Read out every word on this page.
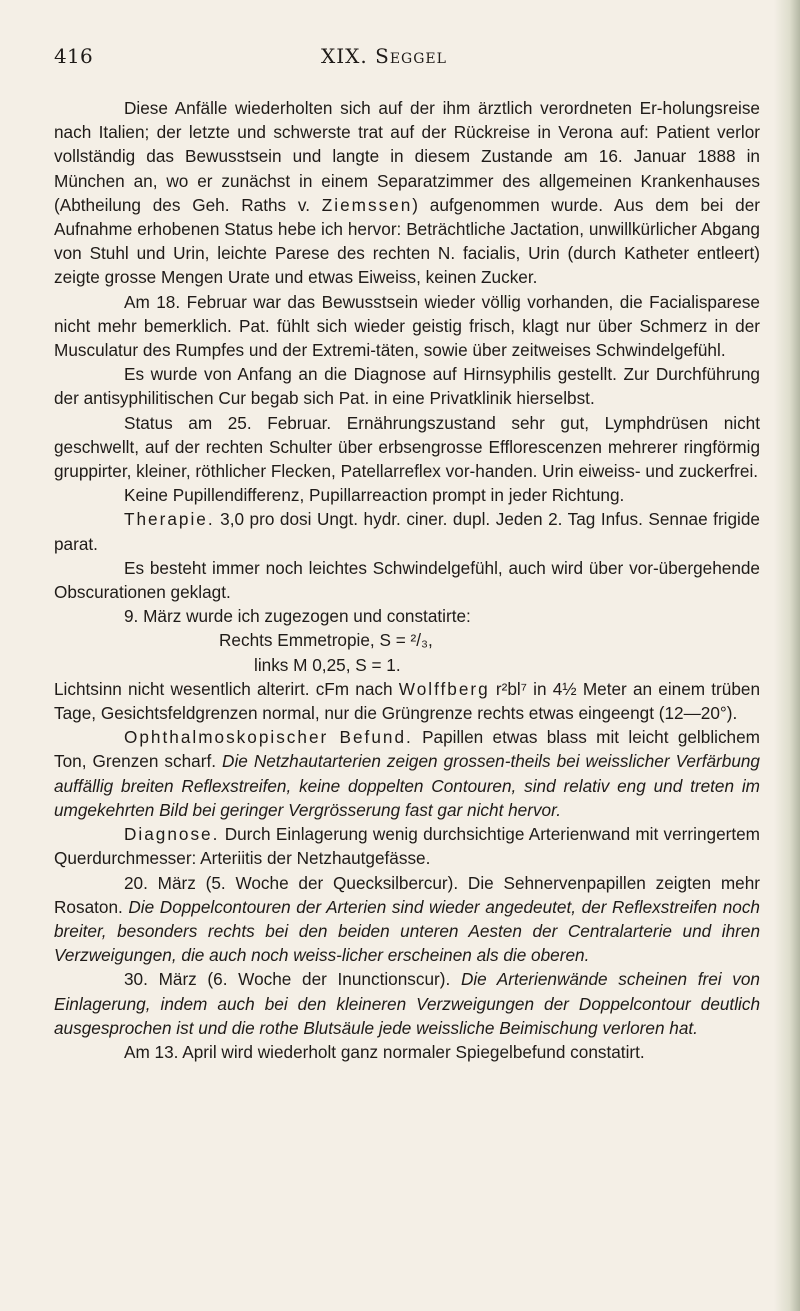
416	XIX. Seggel

Diese Anfälle wiederholten sich auf der ihm ärztlich verordneten Er-holungsreise nach Italien; der letzte und schwerste trat auf der Rückreise in Verona auf: Patient verlor vollständig das Bewusstsein und langte in diesem Zustande am 16. Januar 1888 in München an, wo er zunächst in einem Separatzimmer des allgemeinen Krankenhauses (Abtheilung des Geh. Raths v. Ziemssen) aufgenommen wurde. Aus dem bei der Aufnahme erhobenen Status hebe ich hervor: Beträchtliche Jactation, unwillkürlicher Abgang von Stuhl und Urin, leichte Parese des rechten N. facialis, Urin (durch Katheter entleert) zeigte grosse Mengen Urate und etwas Eiweiss, keinen Zucker.

Am 18. Februar war das Bewusstsein wieder völlig vorhanden, die Facialisparese nicht mehr bemerklich. Pat. fühlt sich wieder geistig frisch, klagt nur über Schmerz in der Musculatur des Rumpfes und der Extremi-täten, sowie über zeitweises Schwindelgefühl.

Es wurde von Anfang an die Diagnose auf Hirnsyphilis gestellt. Zur Durchführung der antisyphilitischen Cur begab sich Pat. in eine Privatklinik hierselbst.

Status am 25. Februar. Ernährungszustand sehr gut, Lymphdrüsen nicht geschwellt, auf der rechten Schulter über erbsengrosse Efflorescenzen mehrerer ringförmig gruppirter, kleiner, röthlicher Flecken, Patellarreflex vor-handen. Urin eiweiss- und zuckerfrei.

Keine Pupillendifferenz, Pupillarreaction prompt in jeder Richtung.

Therapie. 3,0 pro dosi Ungt. hydr. ciner. dupl. Jeden 2. Tag Infus. Sennae frigide parat.

Es besteht immer noch leichtes Schwindelgefühl, auch wird über vor-übergehende Obscurationen geklagt.

9. März wurde ich zugezogen und constatirte:

Rechts Emmetropie, S = ²/₃,

links M 0,25, S = 1.

Lichtsinn nicht wesentlich alterirt. cFm nach Wolffberg r²bl⁷ in 4½ Meter an einem trüben Tage, Gesichtsfeldgrenzen normal, nur die Grüngrenze rechts etwas eingeengt (12—20°).

Ophthalmoskopischer Befund. Papillen etwas blass mit leicht gelblichem Ton, Grenzen scharf. Die Netzhautarterien zeigen grossen-theils bei weisslicher Verfärbung auffällig breiten Reflexstreifen, keine doppelten Contouren, sind relativ eng und treten im umgekehrten Bild bei geringer Vergrösserung fast gar nicht hervor.

Diagnose. Durch Einlagerung wenig durchsichtige Arterienwand mit verringertem Querdurchmesser: Arteriitis der Netzhautgefässe.

20. März (5. Woche der Quecksilbercur). Die Sehnervenpapillen zeigten mehr Rosaton. Die Doppelcontouren der Arterien sind wieder angedeutet, der Reflexstreifen noch breiter, besonders rechts bei den beiden unteren Aesten der Centralarterie und ihren Verzweigungen, die auch noch weiss-licher erscheinen als die oberen.

30. März (6. Woche der Inunctionscur). Die Arterienwände scheinen frei von Einlagerung, indem auch bei den kleineren Verzweigungen der Doppelcontour deutlich ausgesprochen ist und die rothe Blutsäule jede weissliche Beimischung verloren hat.

Am 13. April wird wiederholt ganz normaler Spiegelbefund constatirt.
